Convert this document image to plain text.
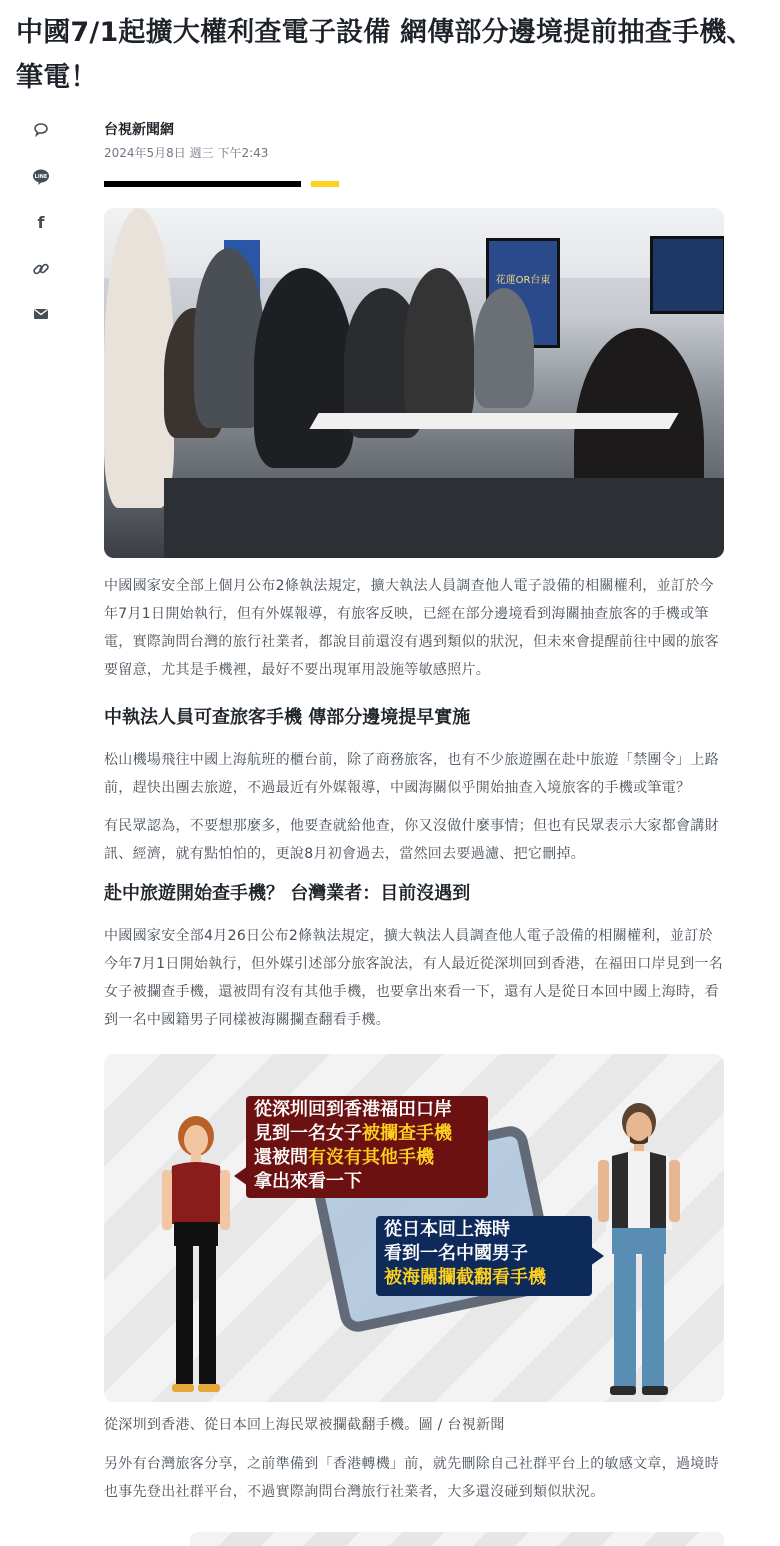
中國7/1起擴大權利查電子設備 網傳部分邊境提前抽查手機、筆電！
LINE
f
台視新聞網
2024年5月8日 週三 下午2:43
花蓮OR台東

中國國家安全部上個月公布2條執法規定，擴大執法人員調查他人電子設備的相關權利，並訂於今年7月1日開始執行，但有外媒報導，有旅客反映，已經在部分邊境看到海關抽查旅客的手機或筆電，實際詢問台灣的旅行社業者，都說目前還沒有遇到類似的狀況，但未來會提醒前往中國的旅客要留意，尤其是手機裡，最好不要出現軍用設施等敏感照片。

中執法人員可查旅客手機 傳部分邊境提早實施

松山機場飛往中國上海航班的櫃台前，除了商務旅客，也有不少旅遊團在赴中旅遊「禁團令」上路前，趕快出團去旅遊，不過最近有外媒報導，中國海關似乎開始抽查入境旅客的手機或筆電？

有民眾認為，不要想那麼多，他要查就給他查，你又沒做什麼事情；但也有民眾表示大家都會講財訊、經濟，就有點怕怕的，更說8月初會過去，當然回去要過濾、把它刪掉。

赴中旅遊開始查手機？ 台灣業者：目前沒遇到

中國國家安全部4月26日公布2條執法規定，擴大執法人員調查他人電子設備的相關權利，並訂於今年7月1日開始執行，但外媒引述部分旅客說法，有人最近從深圳回到香港，在福田口岸見到一名女子被攔查手機，還被問有沒有其他手機，也要拿出來看一下，還有人是從日本回中國上海時，看到一名中國籍男子同樣被海關攔查翻看手機。

從深圳回到香港福田口岸
見到一名女子被攔查手機
還被問有沒有其他手機
拿出來看一下
從日本回上海時
看到一名中國男子
被海關攔截翻看手機

從深圳到香港、從日本回上海民眾被攔截翻手機。圖 / 台視新聞

另外有台灣旅客分享，之前準備到「香港轉機」前，就先刪除自己社群平台上的敏感文章，過境時也事先登出社群平台，不過實際詢問台灣旅行社業者，大多還沒碰到類似狀況。
